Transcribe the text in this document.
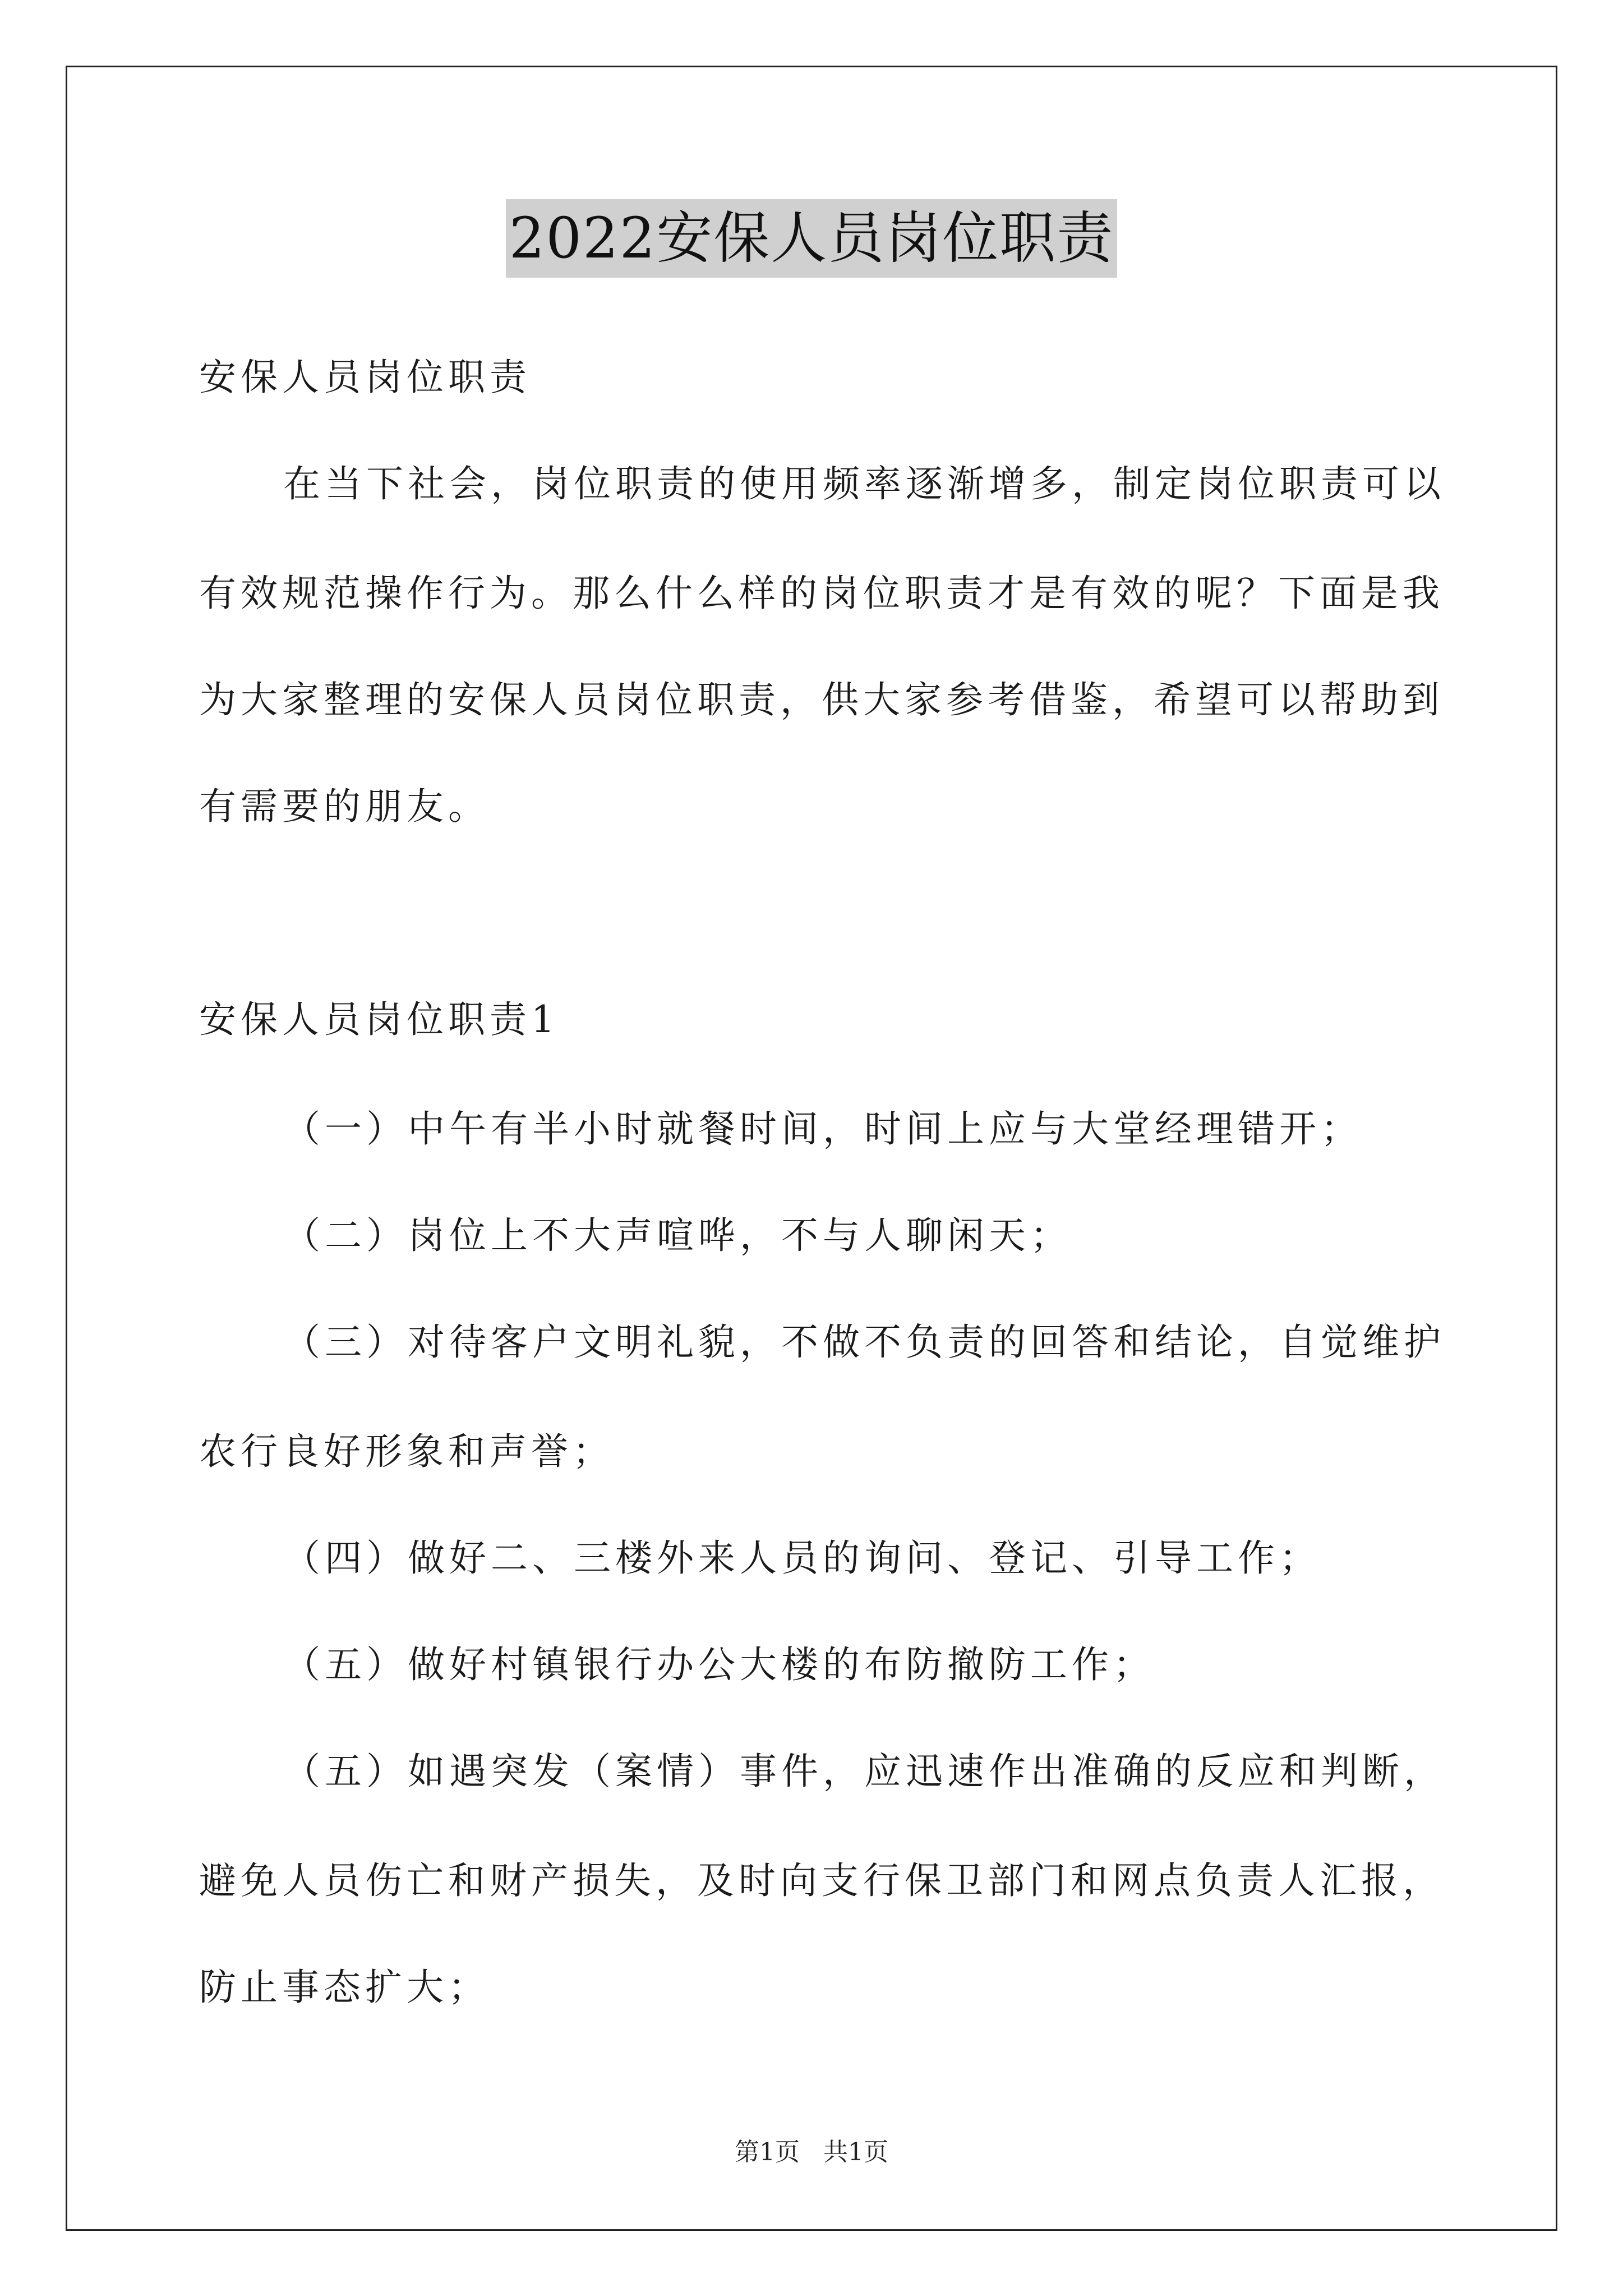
2022安保人员岗位职责
安保人员岗位职责
在当下社会，岗位职责的使用频率逐渐增多，制定岗位职责可以
有效规范操作行为。那么什么样的岗位职责才是有效的呢？下面是我
为大家整理的安保人员岗位职责，供大家参考借鉴，希望可以帮助到
有需要的朋友。
安保人员岗位职责1
（一）中午有半小时就餐时间，时间上应与大堂经理错开；
（二）岗位上不大声喧哗，不与人聊闲天；
（三）对待客户文明礼貌，不做不负责的回答和结论，自觉维护
农行良好形象和声誉；
（四）做好二、三楼外来人员的询问、登记、引导工作；
（五）做好村镇银行办公大楼的布防撤防工作；
（五）如遇突发（案情）事件，应迅速作出准确的反应和判断，
避免人员伤亡和财产损失，及时向支行保卫部门和网点负责人汇报，
防止事态扩大；
第1页 共1页
